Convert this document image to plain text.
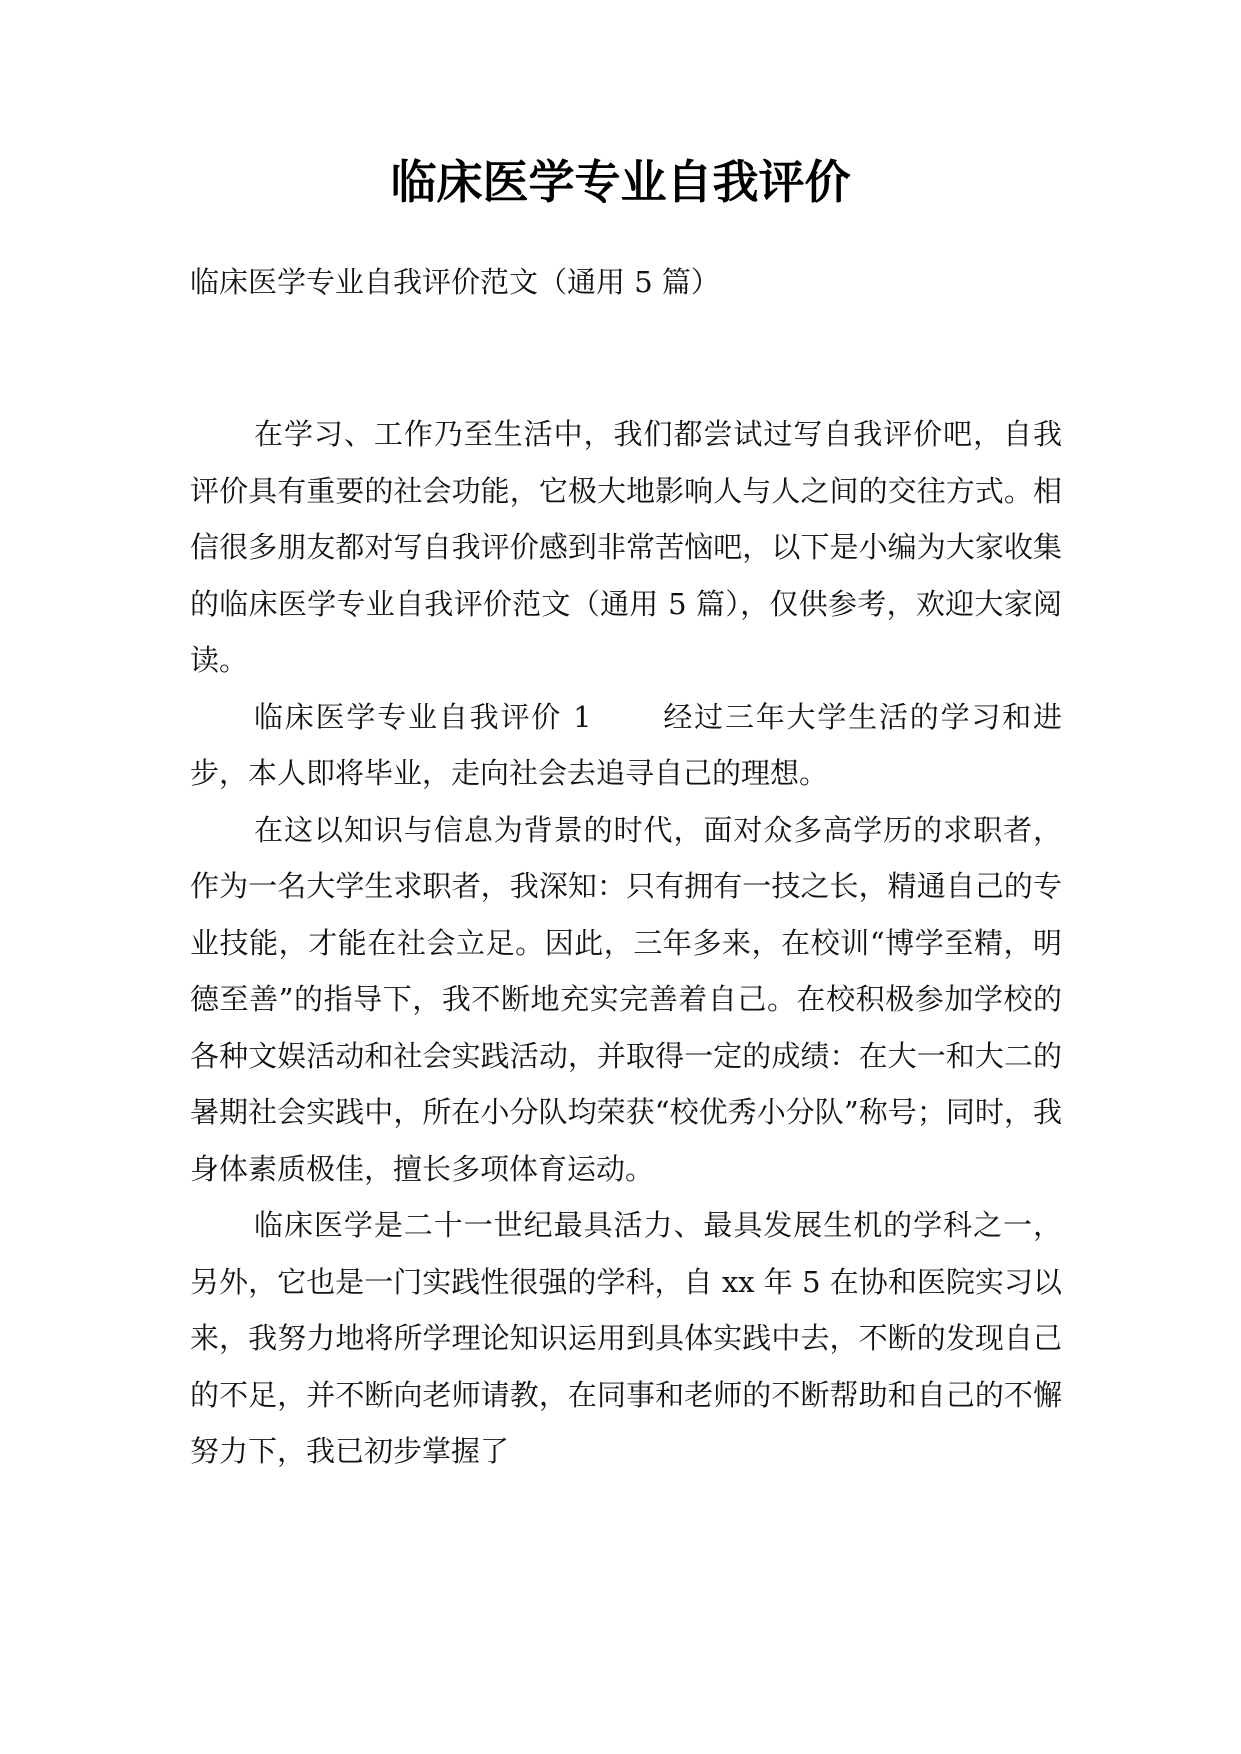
临床医学专业自我评价
临床医学专业自我评价范文（通用 5 篇）

在学习、工作乃至生活中，我们都尝试过写自我评价吧，自我评价具有重要的社会功能，它极大地影响人与人之间的交往方式。相信很多朋友都对写自我评价感到非常苦恼吧，以下是小编为大家收集的临床医学专业自我评价范文（通用 5 篇），仅供参考，欢迎大家阅读。

临床医学专业自我评价 1 经过三年大学生活的学习和进步，本人即将毕业，走向社会去追寻自己的理想。

在这以知识与信息为背景的时代，面对众多高学历的求职者，作为一名大学生求职者，我深知：只有拥有一技之长，精通自己的专业技能，才能在社会立足。因此，三年多来，在校训“博学至精，明德至善”的指导下，我不断地充实完善着自己。在校积极参加学校的各种文娱活动和社会实践活动，并取得一定的成绩：在大一和大二的暑期社会实践中，所在小分队均荣获“校优秀小分队”称号；同时，我身体素质极佳，擅长多项体育运动。

临床医学是二十一世纪最具活力、最具发展生机的学科之一，另外，它也是一门实践性很强的学科，自 xx 年 5 在协和医院实习以来，我努力地将所学理论知识运用到具体实践中去，不断的发现自己的不足，并不断向老师请教，在同事和老师的不断帮助和自己的不懈努力下，我已初步掌握了
